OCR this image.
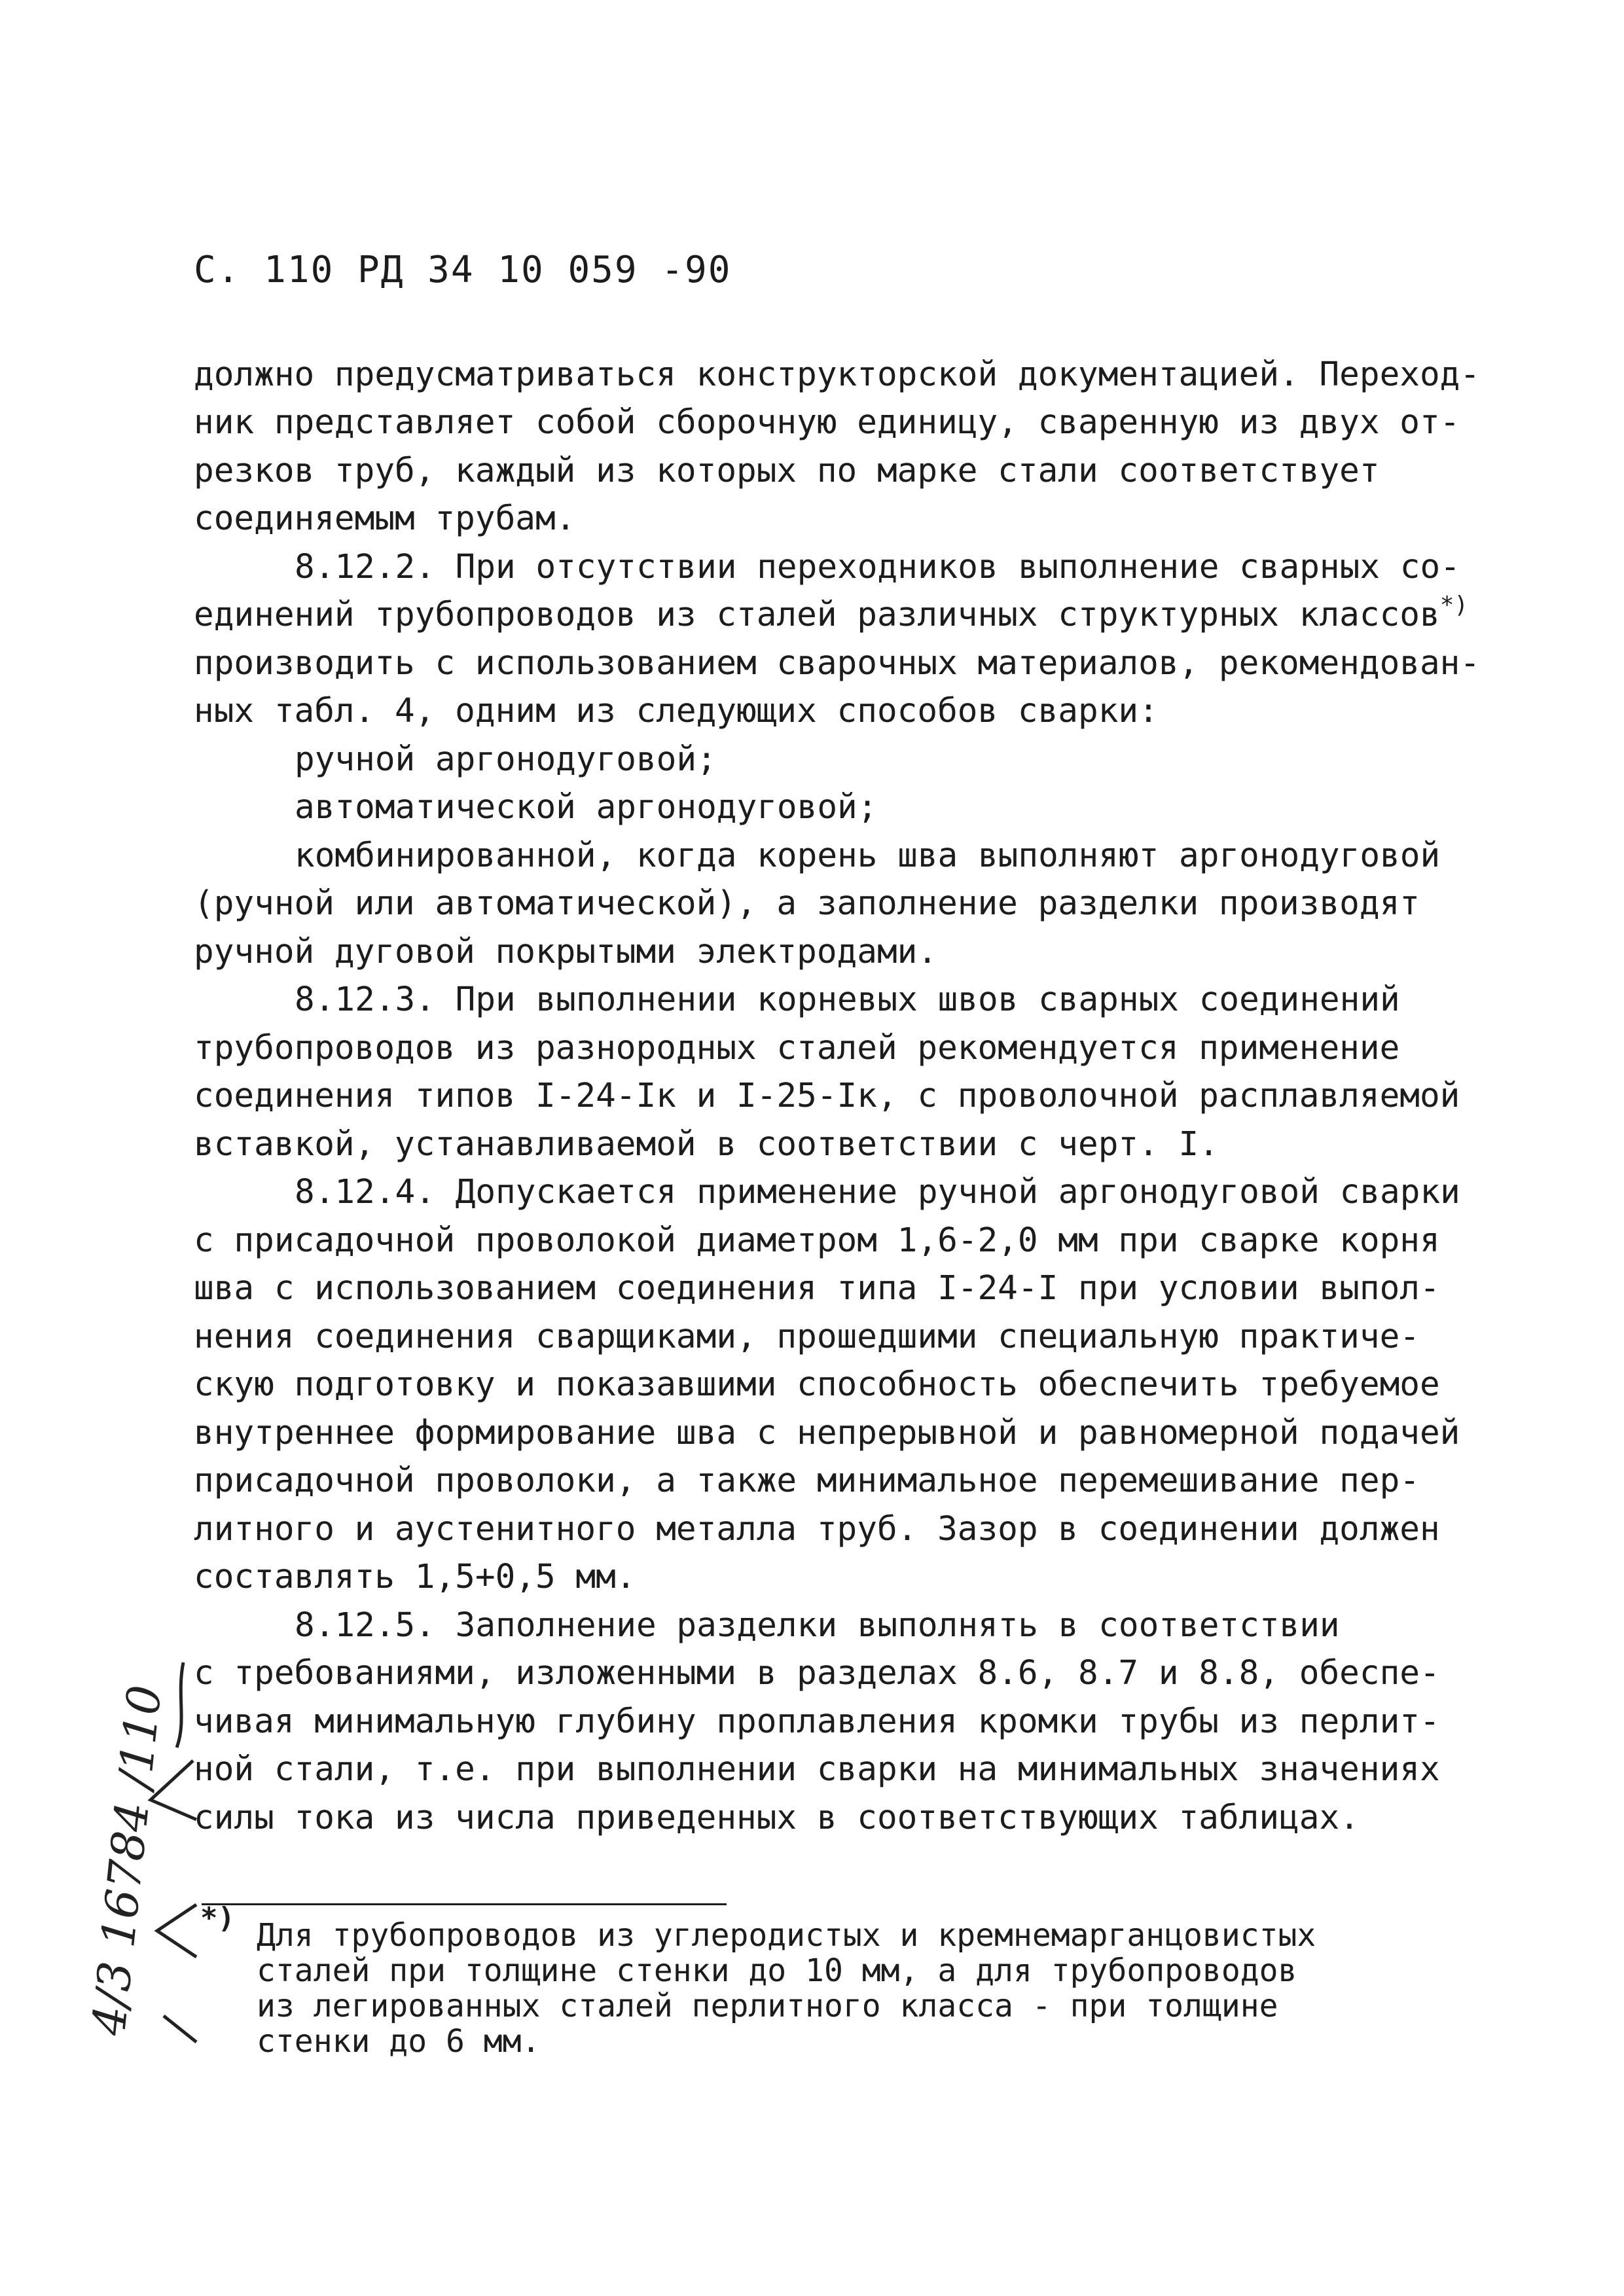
С. 110 РД 34 10 059 -90
должно предусматриваться конструкторской документацией. Переход-
ник представляет собой сборочную единицу, сваренную из двух от-
резков труб, каждый из которых по марке стали соответствует
соединяемым трубам.
8.12.2. При отсутствии переходников выполнение сварных со-
единений трубопроводов из сталей различных структурных классов*)
производить с использованием сварочных материалов, рекомендован-
ных табл. 4, одним из следующих способов сварки:
ручной аргонодуговой;
автоматической аргонодуговой;
комбинированной, когда корень шва выполняют аргонодуговой
(ручной или автоматической), а заполнение разделки производят
ручной дуговой покрытыми электродами.
8.12.3. При выполнении корневых швов сварных соединений
трубопроводов из разнородных сталей рекомендуется применение
соединения типов I-24-Iк и I-25-Iк, с проволочной расплавляемой
вставкой, устанавливаемой в соответствии с черт. I.
8.12.4. Допускается применение ручной аргонодуговой сварки
с присадочной проволокой диаметром 1,6-2,0 мм при сварке корня
шва с использованием соединения типа I-24-I при условии выпол-
нения соединения сварщиками, прошедшими специальную практиче-
скую подготовку и показавшими способность обеспечить требуемое
внутреннее формирование шва с непрерывной и равномерной подачей
присадочной проволоки, а также минимальное перемешивание пер-
литного и аустенитного металла труб. Зазор в соединении должен
составлять 1,5+0,5 мм.
8.12.5. Заполнение разделки выполнять в соответствии
с требованиями, изложенными в разделах 8.6, 8.7 и 8.8, обеспе-
чивая минимальную глубину проплавления кромки трубы из перлит-
ной стали, т.е. при выполнении сварки на минимальных значениях
силы тока из числа приведенных в соответствующих таблицах.
*) Для трубопроводов из углеродистых и кремнемарганцовистых
сталей при толщине стенки до 10 мм, а для трубопроводов
из легированных сталей перлитного класса - при толщине
стенки до 6 мм.
4/3 16784 /110
